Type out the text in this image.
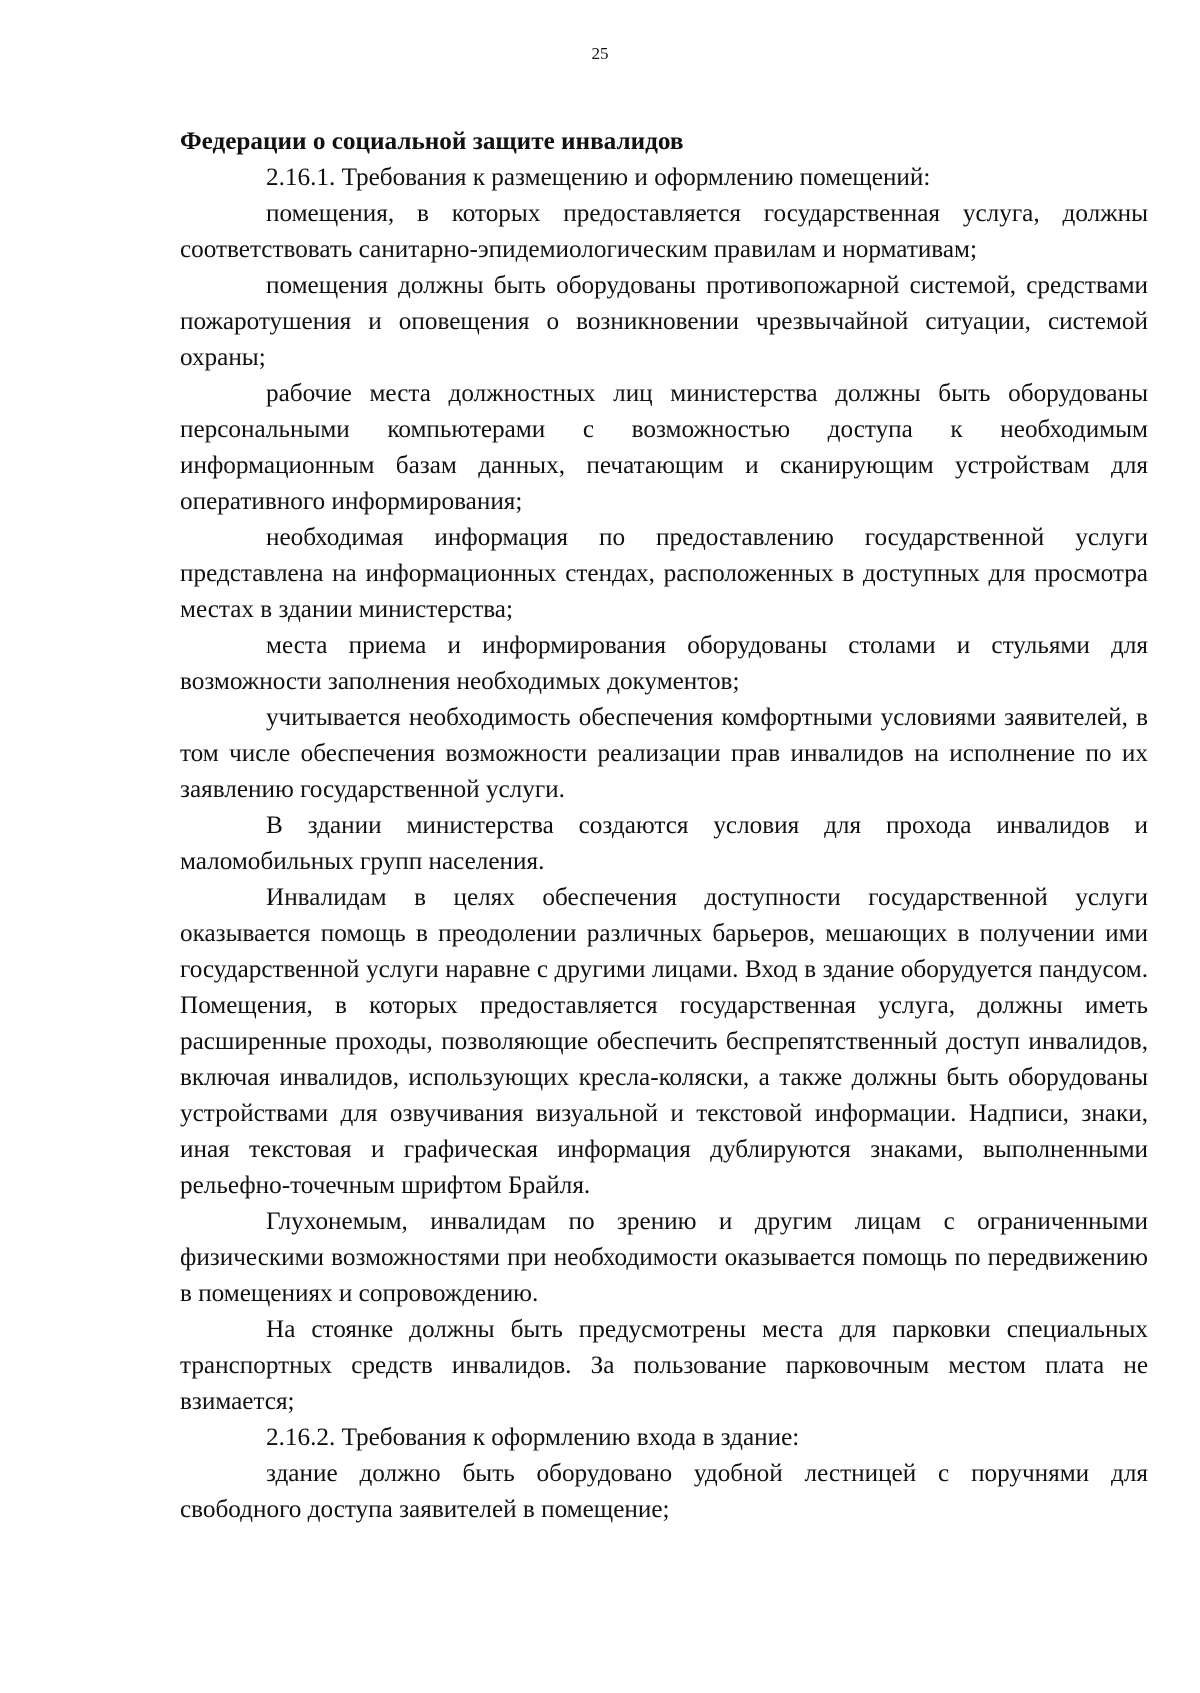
25

Федерации о социальной защите инвалидов

2.16.1. Требования к размещению и оформлению помещений:

помещения, в которых предоставляется государственная услуга, должны соответствовать санитарно-эпидемиологическим правилам и нормативам;

помещения должны быть оборудованы противопожарной системой, средствами пожаротушения и оповещения о возникновении чрезвычайной ситуации, системой охраны;

рабочие места должностных лиц министерства должны быть оборудованы персональными компьютерами с возможностью доступа к необходимым информационным базам данных, печатающим и сканирующим устройствам для оперативного информирования;

необходимая информация по предоставлению государственной услуги представлена на информационных стендах, расположенных в доступных для просмотра местах в здании министерства;

места приема и информирования оборудованы столами и стульями для возможности заполнения необходимых документов;

учитывается необходимость обеспечения комфортными условиями заявителей, в том числе обеспечения возможности реализации прав инвалидов на исполнение по их заявлению государственной услуги.

В здании министерства создаются условия для прохода инвалидов и маломобильных групп населения.

Инвалидам в целях обеспечения доступности государственной услуги оказывается помощь в преодолении различных барьеров, мешающих в получении ими государственной услуги наравне с другими лицами. Вход в здание оборудуется пандусом. Помещения, в которых предоставляется государственная услуга, должны иметь расширенные проходы, позволяющие обеспечить беспрепятственный доступ инвалидов, включая инвалидов, использующих кресла-коляски, а также должны быть оборудованы устройствами для озвучивания визуальной и текстовой информации. Надписи, знаки, иная текстовая и графическая информация дублируются знаками, выполненными рельефно-точечным шрифтом Брайля.

Глухонемым, инвалидам по зрению и другим лицам с ограниченными физическими возможностями при необходимости оказывается помощь по передвижению в помещениях и сопровождению.

На стоянке должны быть предусмотрены места для парковки специальных транспортных средств инвалидов. За пользование парковочным местом плата не взимается;

2.16.2. Требования к оформлению входа в здание:

здание должно быть оборудовано удобной лестницей с поручнями для свободного доступа заявителей в помещение;
